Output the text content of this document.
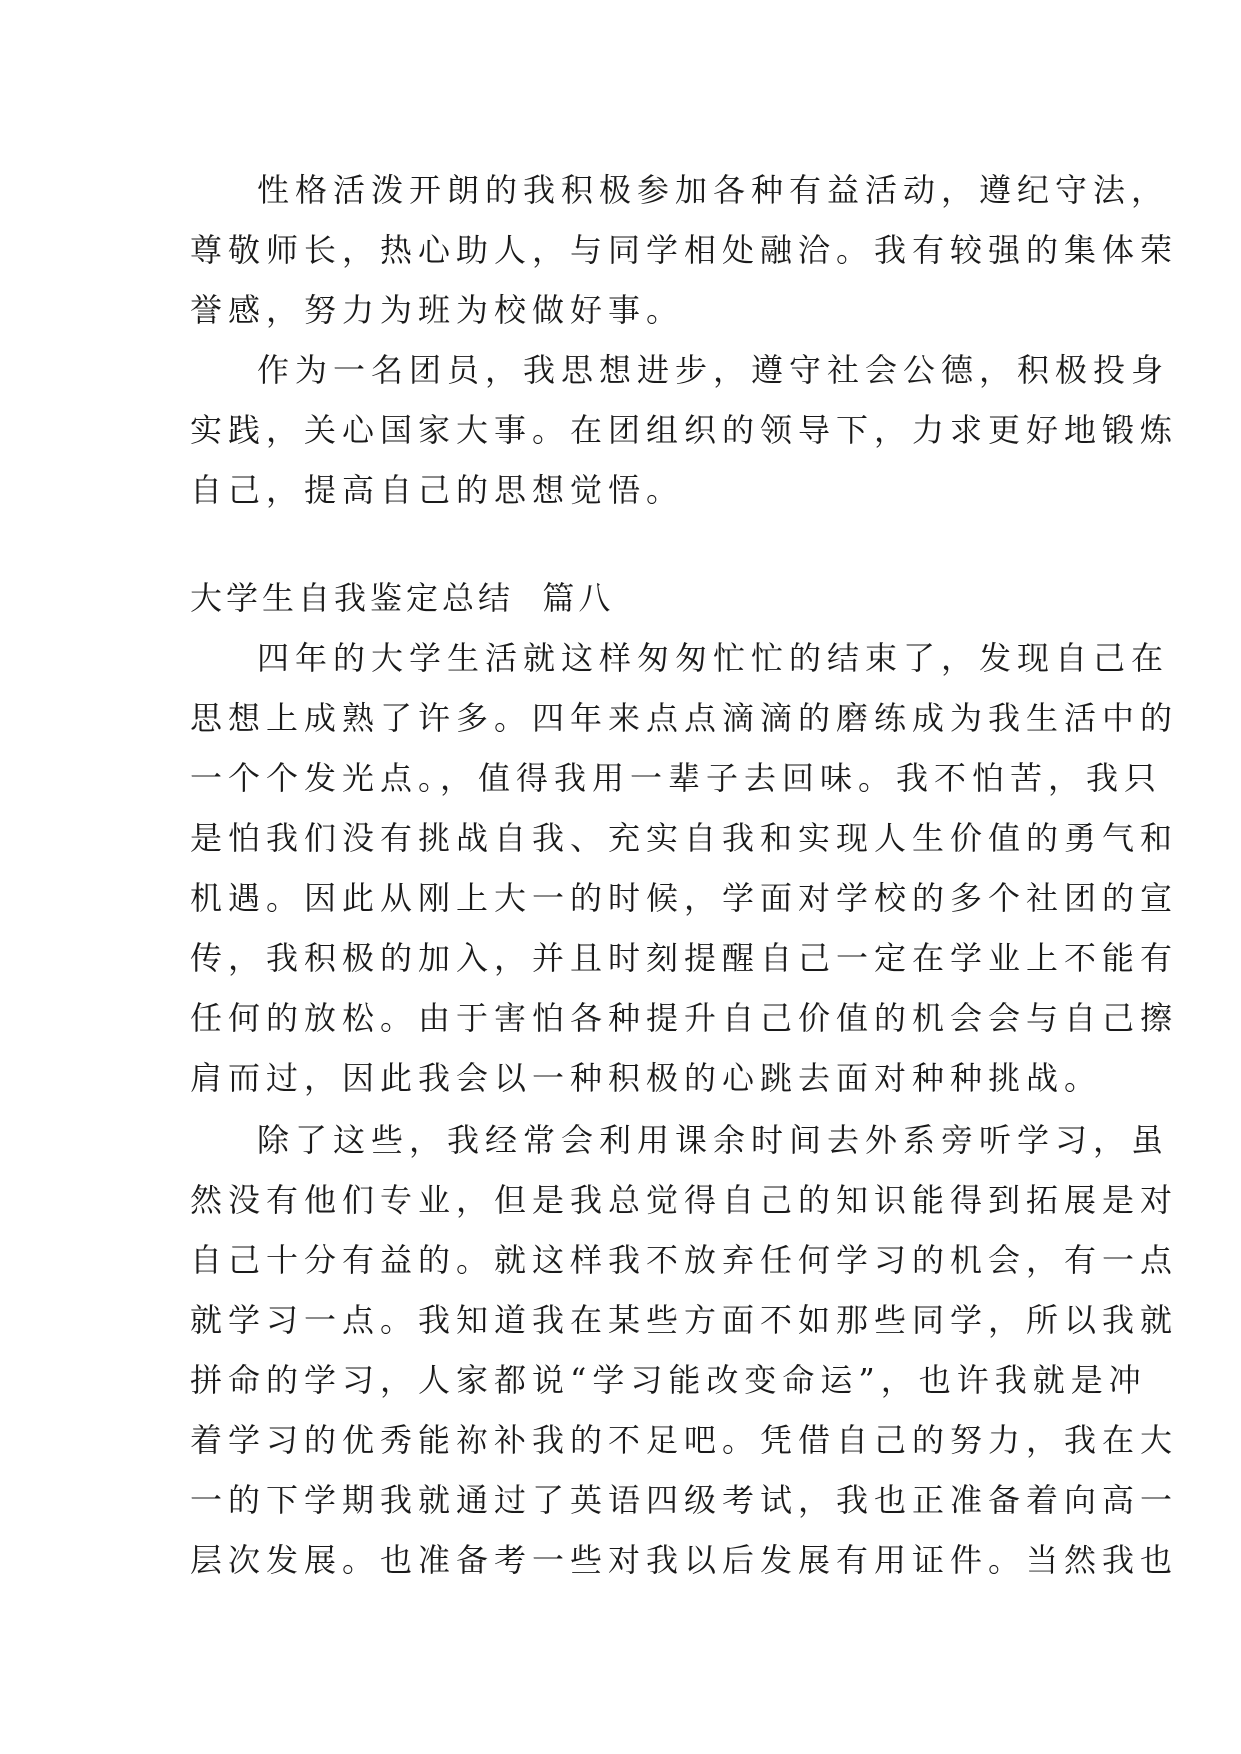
性格活泼开朗的我积极参加各种有益活动，遵纪守法，
尊敬师长，热心助人，与同学相处融洽。我有较强的集体荣
誉感，努力为班为校做好事。
作为一名团员，我思想进步，遵守社会公德，积极投身
实践，关心国家大事。在团组织的领导下，力求更好地锻炼
自己，提高自己的思想觉悟。
大学生自我鉴定总结  篇八
四年的大学生活就这样匆匆忙忙的结束了，发现自己在
思想上成熟了许多。四年来点点滴滴的磨练成为我生活中的
一个个发光点。，值得我用一辈子去回味。我不怕苦，我只
是怕我们没有挑战自我、充实自我和实现人生价值的勇气和
机遇。因此从刚上大一的时候，学面对学校的多个社团的宣
传，我积极的加入，并且时刻提醒自己一定在学业上不能有
任何的放松。由于害怕各种提升自己价值的机会会与自己擦
肩而过，因此我会以一种积极的心跳去面对种种挑战。
除了这些，我经常会利用课余时间去外系旁听学习，虽
然没有他们专业，但是我总觉得自己的知识能得到拓展是对
自己十分有益的。就这样我不放弃任何学习的机会，有一点
就学习一点。我知道我在某些方面不如那些同学，所以我就
拼命的学习，人家都说“学习能改变命运”，也许我就是冲
着学习的优秀能祢补我的不足吧。凭借自己的努力，我在大
一的下学期我就通过了英语四级考试，我也正准备着向高一
层次发展。也准备考一些对我以后发展有用证件。当然我也
